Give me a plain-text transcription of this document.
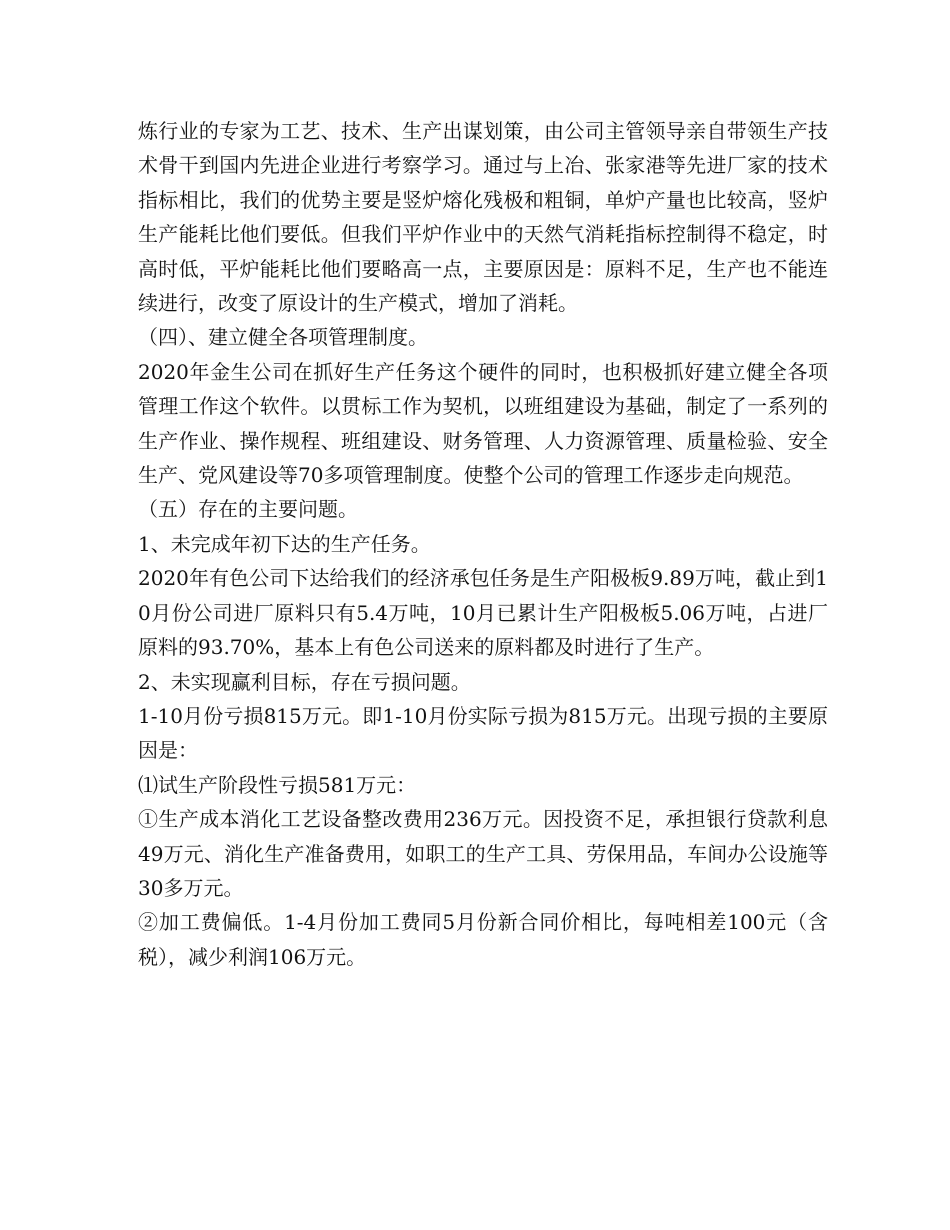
炼行业的专家为工艺、技术、生产出谋划策，由公司主管领导亲自带领生产技术骨干到国内先进企业进行考察学习。通过与上冶、张家港等先进厂家的技术指标相比，我们的优势主要是竖炉熔化残极和粗铜，单炉产量也比较高，竖炉生产能耗比他们要低。但我们平炉作业中的天然气消耗指标控制得不稳定，时高时低，平炉能耗比他们要略高一点，主要原因是：原料不足，生产也不能连续进行，改变了原设计的生产模式，增加了消耗。

（四）、建立健全各项管理制度。

2020年金生公司在抓好生产任务这个硬件的同时，也积极抓好建立健全各项管理工作这个软件。以贯标工作为契机，以班组建设为基础，制定了一系列的生产作业、操作规程、班组建设、财务管理、人力资源管理、质量检验、安全生产、党风建设等70多项管理制度。使整个公司的管理工作逐步走向规范。

（五）存在的主要问题。

1、未完成年初下达的生产任务。

2020年有色公司下达给我们的经济承包任务是生产阳极板9.89万吨，截止到10月份公司进厂原料只有5.4万吨，10月已累计生产阳极板5.06万吨，占进厂原料的93.70%，基本上有色公司送来的原料都及时进行了生产。

2、未实现赢利目标，存在亏损问题。

1-10月份亏损815万元。即1-10月份实际亏损为815万元。出现亏损的主要原因是：

⑴试生产阶段性亏损581万元：

①生产成本消化工艺设备整改费用236万元。因投资不足，承担银行贷款利息49万元、消化生产准备费用，如职工的生产工具、劳保用品，车间办公设施等30多万元。

②加工费偏低。1-4月份加工费同5月份新合同价相比，每吨相差100元（含税），减少利润106万元。
